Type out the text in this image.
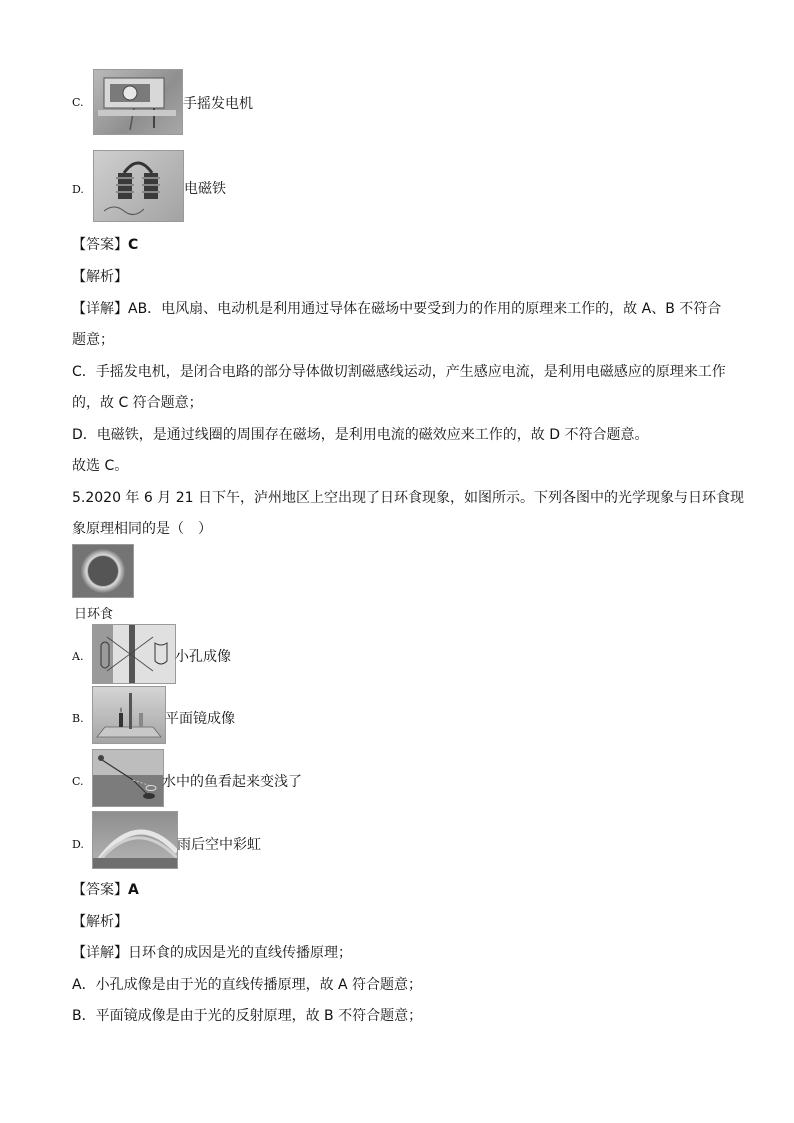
C.	手摇发电机
D.	电磁铁
【答案】C
【解析】
【详解】AB．电风扇、电动机是利用通过导体在磁场中要受到力的作用的原理来工作的，故 A、B 不符合
题意；
C．手摇发电机，是闭合电路的部分导体做切割磁感线运动，产生感应电流，是利用电磁感应的原理来工作
的，故 C 符合题意；
D．电磁铁，是通过线圈的周围存在磁场，是利用电流的磁效应来工作的，故 D 不符合题意。
故选 C。
5.2020 年 6 月 21 日下午，泸州地区上空出现了日环食现象，如图所示。下列各图中的光学现象与日环食现
象原理相同的是（　）
日环食
A.	小孔成像
B.	平面镜成像
C.	水中的鱼看起来变浅了
D.	雨后空中彩虹
【答案】A
【解析】
【详解】日环食的成因是光的直线传播原理；
A．小孔成像是由于光的直线传播原理，故 A 符合题意；
B．平面镜成像是由于光的反射原理，故 B 不符合题意；
